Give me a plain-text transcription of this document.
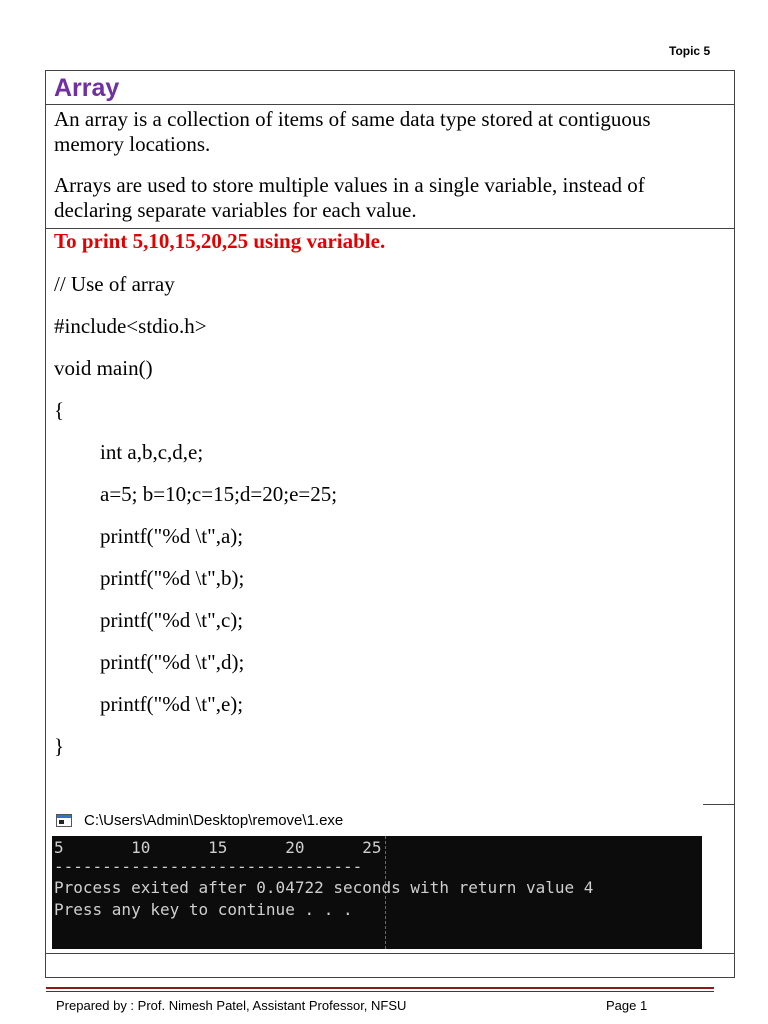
Topic 5
Array
An array is a collection of items of same data type stored at contiguous memory locations.
Arrays are used to store multiple values in a single variable, instead of declaring separate variables for each value.
To print 5,10,15,20,25 using variable.
// Use of array
#include<stdio.h>
void main()
{
int a,b,c,d,e;
a=5; b=10;c=15;d=20;e=25;
printf("%d \t",a);
printf("%d \t",b);
printf("%d \t",c);
printf("%d \t",d);
printf("%d \t",e);
}
C:\Users\Admin\Desktop\remove\1.exe
5       10      15      20      25
--------------------------------
Process exited after 0.04722 seconds with return value 4
Press any key to continue . . .
Prepared by : Prof. Nimesh Patel, Assistant Professor, NFSU	Page 1
